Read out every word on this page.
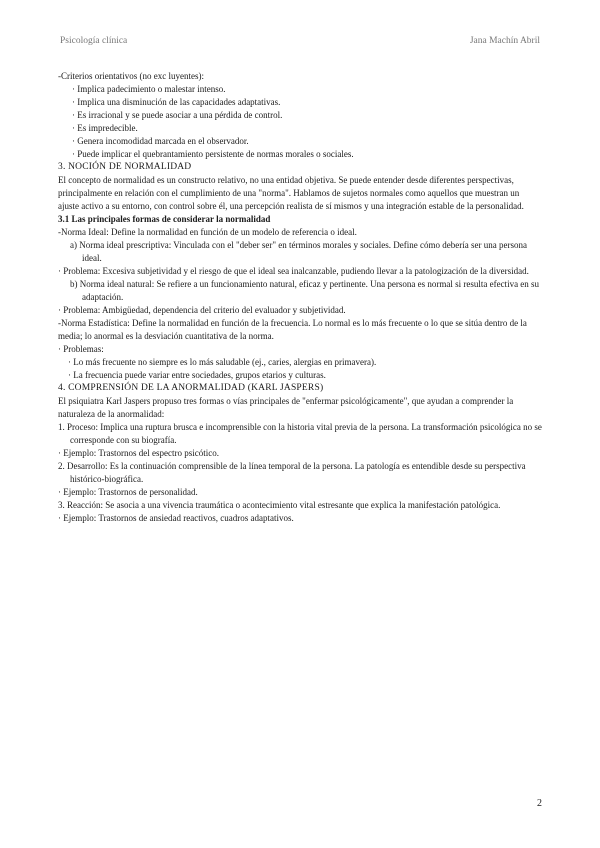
Psicología clínica	Jana Machín Abril

-Criterios orientativos (no exc luyentes):

· Implica padecimiento o malestar intenso.
· Implica una disminución de las capacidades adaptativas.
· Es irracional y se puede asociar a una pérdida de control.
· Es impredecible.
· Genera incomodidad marcada en el observador.
· Puede implicar el quebrantamiento persistente de normas morales o sociales.

3. NOCIÓN DE NORMALIDAD

El concepto de normalidad es un constructo relativo, no una entidad objetiva. Se puede entender desde diferentes perspectivas, principalmente en relación con el cumplimiento de una "norma". Hablamos de sujetos normales como aquellos que muestran un ajuste activo a su entorno, con control sobre él, una percepción realista de sí mismos y una integración estable de la personalidad.

3.1 Las principales formas de considerar la normalidad

-Norma Ideal: Define la normalidad en función de un modelo de referencia o ideal.

a) Norma ideal prescriptiva: Vinculada con el "deber ser" en términos morales y sociales. Define cómo debería ser una persona ideal.

· Problema: Excesiva subjetividad y el riesgo de que el ideal sea inalcanzable, pudiendo llevar a la patologización de la diversidad.

b) Norma ideal natural: Se refiere a un funcionamiento natural, eficaz y pertinente. Una persona es normal si resulta efectiva en su adaptación.

· Problema: Ambigüedad, dependencia del criterio del evaluador y subjetividad.

-Norma Estadística: Define la normalidad en función de la frecuencia. Lo normal es lo más frecuente o lo que se sitúa dentro de la media; lo anormal es la desviación cuantitativa de la norma.

· Problemas:

· Lo más frecuente no siempre es lo más saludable (ej., caries, alergias en primavera).
· La frecuencia puede variar entre sociedades, grupos etarios y culturas.

4. COMPRENSIÓN DE LA ANORMALIDAD (KARL JASPERS)

El psiquiatra Karl Jaspers propuso tres formas o vías principales de "enfermar psicológicamente", que ayudan a comprender la naturaleza de la anormalidad:

1. Proceso: Implica una ruptura brusca e incomprensible con la historia vital previa de la persona. La transformación psicológica no se corresponde con su biografía.

· Ejemplo: Trastornos del espectro psicótico.

2. Desarrollo: Es la continuación comprensible de la línea temporal de la persona. La patología es entendible desde su perspectiva histórico-biográfica.

· Ejemplo: Trastornos de personalidad.

3. Reacción: Se asocia a una vivencia traumática o acontecimiento vital estresante que explica la manifestación patológica.

· Ejemplo: Trastornos de ansiedad reactivos, cuadros adaptativos.

2
